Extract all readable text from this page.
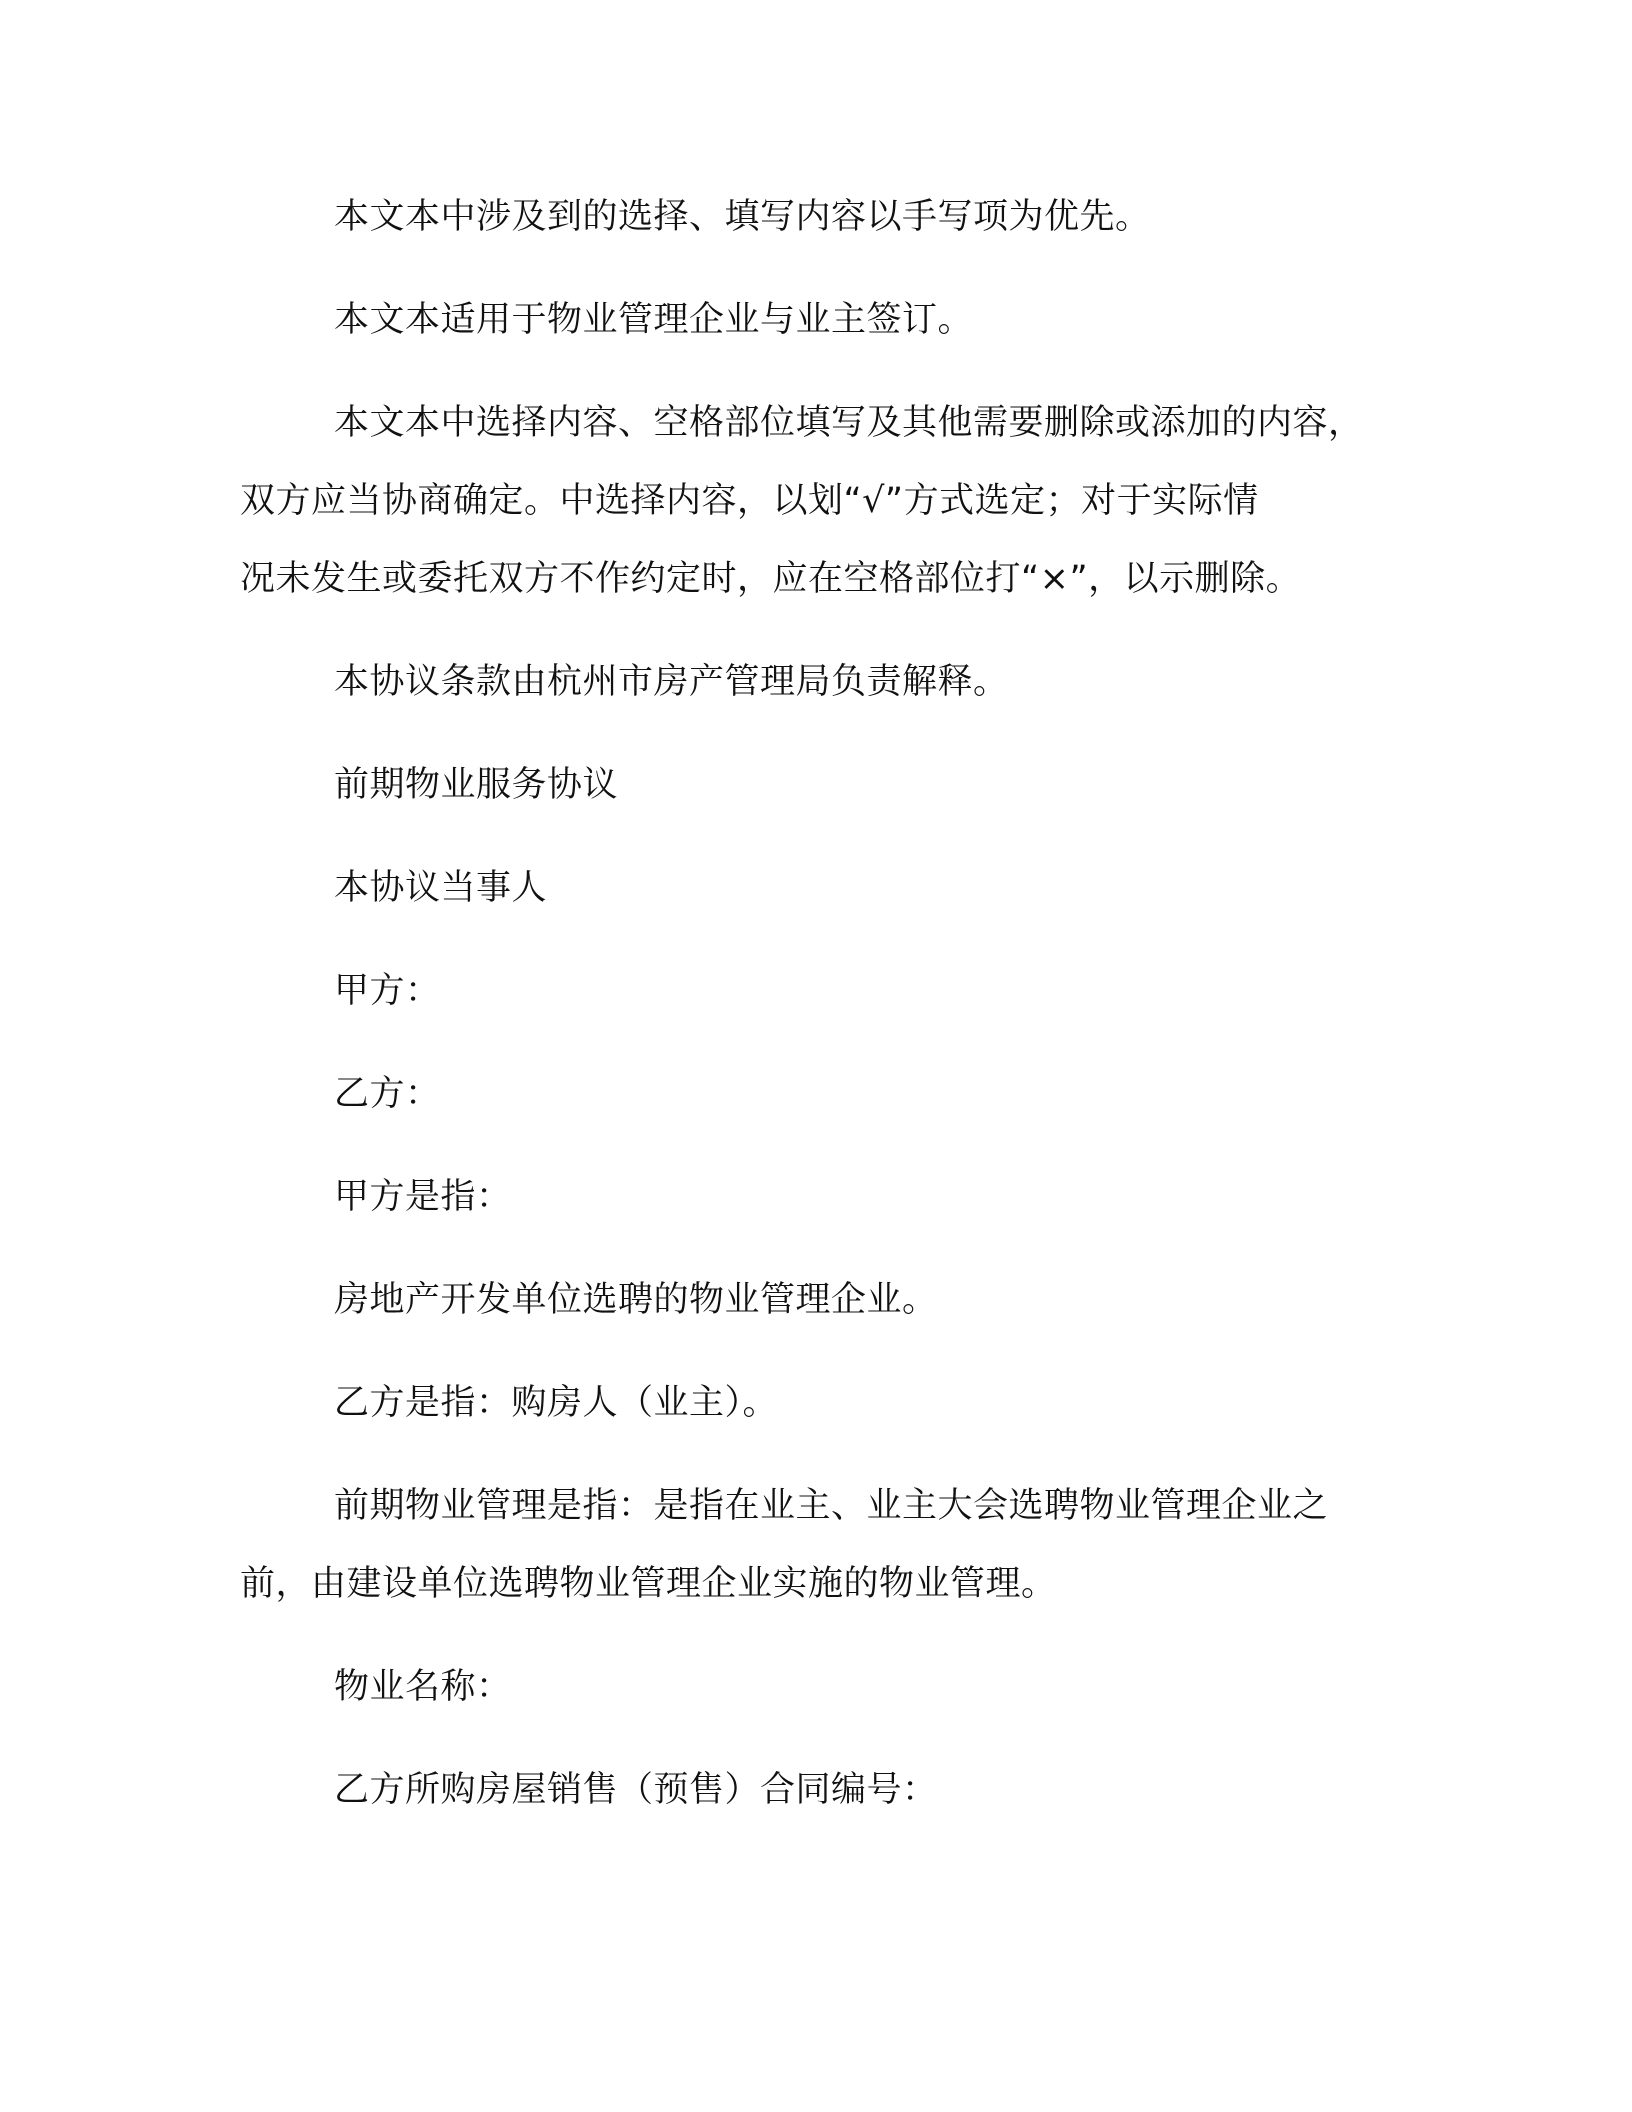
本文本中涉及到的选择、填写内容以手写项为优先。

本文本适用于物业管理企业与业主签订。

本文本中选择内容、空格部位填写及其他需要删除或添加的内容，

双方应当协商确定。中选择内容，以划“√”方式选定；对于实际情

况未发生或委托双方不作约定时，应在空格部位打“×”，以示删除。

本协议条款由杭州市房产管理局负责解释。

前期物业服务协议

本协议当事人

甲方：

乙方：

甲方是指：

房地产开发单位选聘的物业管理企业。

乙方是指：购房人（业主）。

前期物业管理是指：是指在业主、业主大会选聘物业管理企业之

前，由建设单位选聘物业管理企业实施的物业管理。

物业名称：

乙方所购房屋销售（预售）合同编号：
